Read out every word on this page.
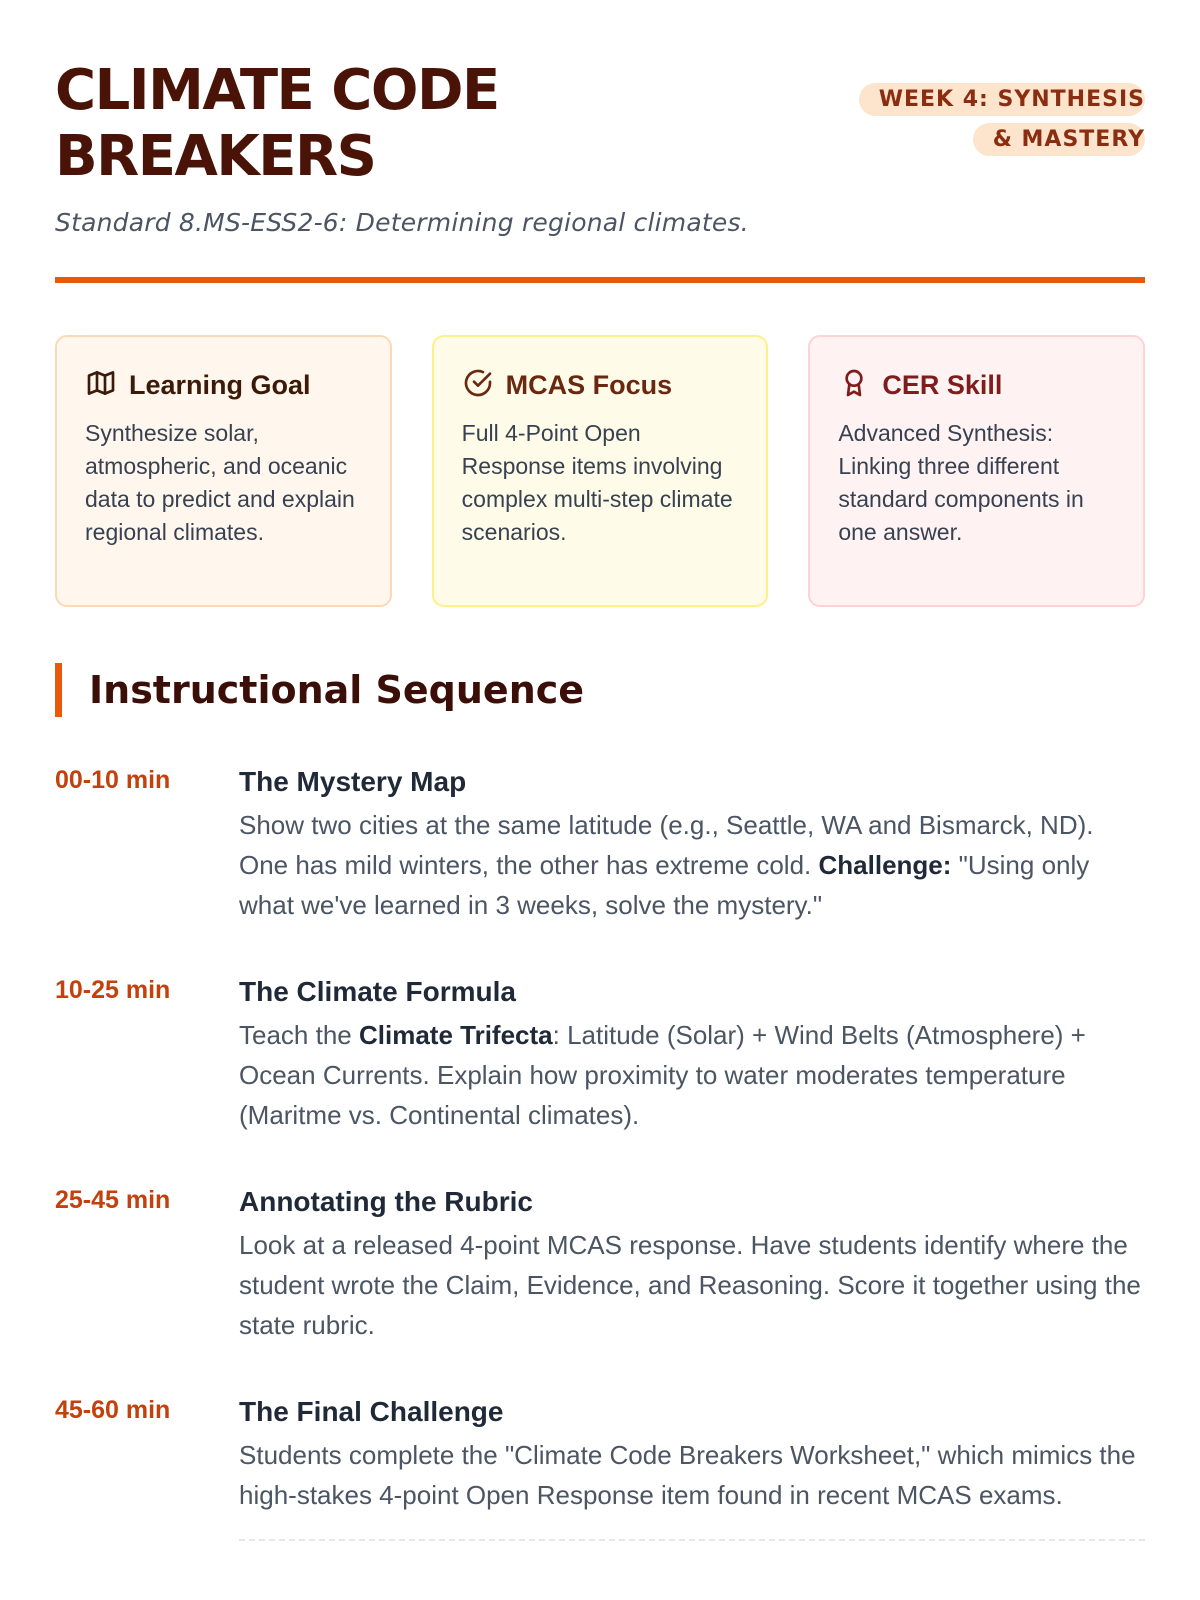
CLIMATE CODE BREAKERS
WEEK 4: SYNTHESIS & MASTERY

Standard 8.MS-ESS2-6: Determining regional climates.

Learning Goal

Synthesize solar, atmospheric, and oceanic data to predict and explain regional climates.

MCAS Focus

Full 4-Point Open Response items involving complex multi-step climate scenarios.

CER Skill

Advanced Synthesis: Linking three different standard components in one answer.

Instructional Sequence
00-10 min	The Mystery Map

Show two cities at the same latitude (e.g., Seattle, WA and Bismarck, ND). One has mild winters, the other has extreme cold. Challenge: "Using only what we've learned in 3 weeks, solve the mystery."

10-25 min	The Climate Formula

Teach the Climate Trifecta: Latitude (Solar) + Wind Belts (Atmosphere) + Ocean Currents. Explain how proximity to water moderates temperature (Maritme vs. Continental climates).

25-45 min	Annotating the Rubric

Look at a released 4-point MCAS response. Have students identify where the student wrote the Claim, Evidence, and Reasoning. Score it together using the state rubric.

45-60 min	The Final Challenge

Students complete the "Climate Code Breakers Worksheet," which mimics the high-stakes 4-point Open Response item found in recent MCAS exams.
